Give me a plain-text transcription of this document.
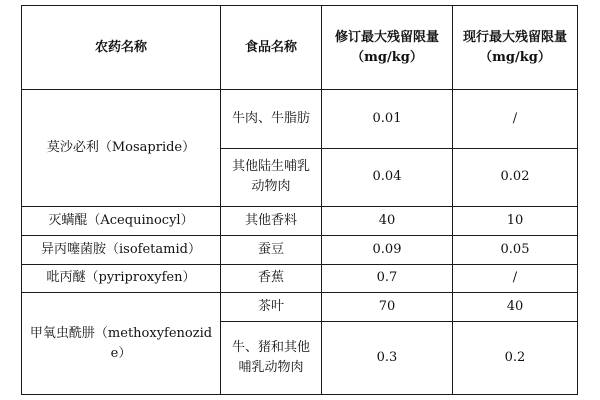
农药名称	食品名称	修订最大残留限量（mg/kg）	现行最大残留限量（mg/kg）
莫沙必利（Mosapride）	牛肉、牛脂肪	0.01	/
	其他陆生哺乳动物肉	0.04	0.02
灭螨醌（Acequinocyl）	其他香料	40	10
异丙噻菌胺（isofetamid）	蚕豆	0.09	0.05
吡丙醚（pyriproxyfen）	香蕉	0.7	/
甲氧虫酰肼（methoxyfenozide）	茶叶	70	40
	牛、猪和其他哺乳动物肉	0.3	0.2
